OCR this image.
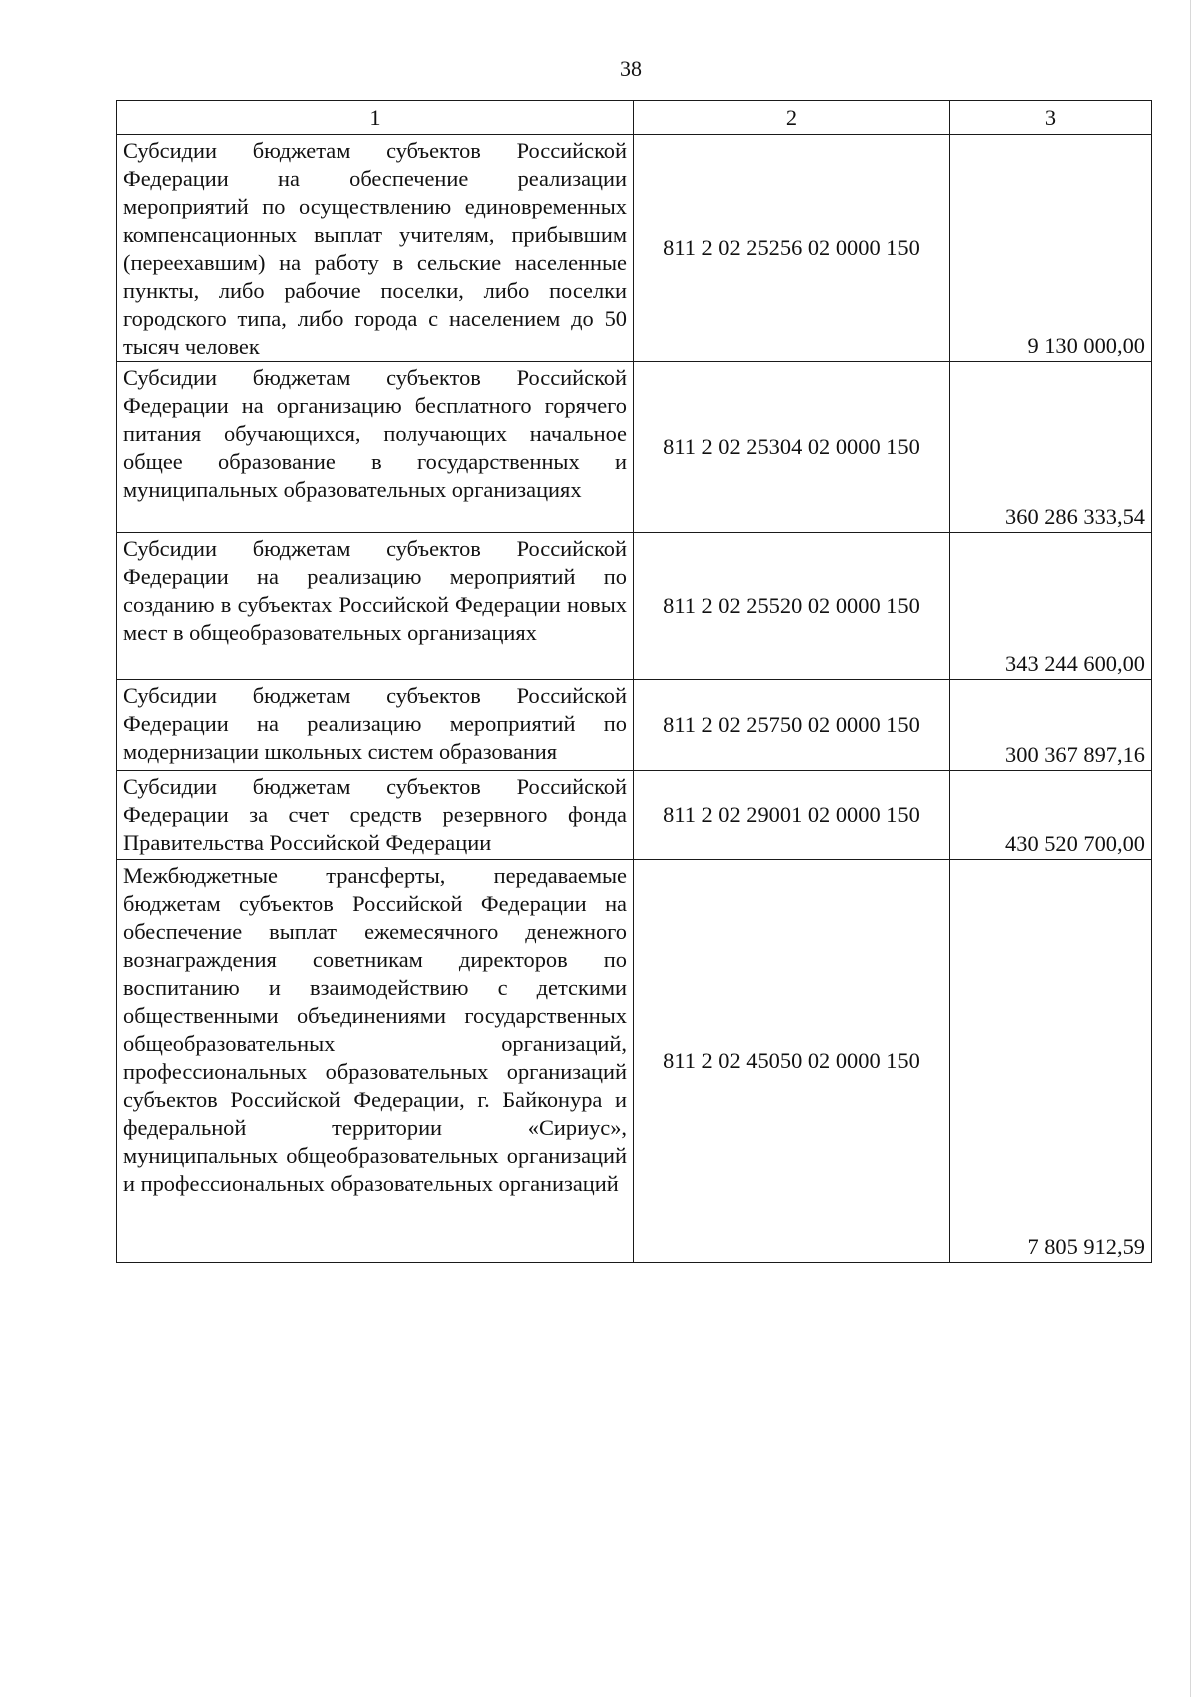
38
1	2	3
Субсидии бюджетам субъектов Российской Федерации на обеспечение реализации мероприятий по осуществлению единовременных компенсационных выплат учителям, прибывшим (переехавшим) на работу в сельские населенные пункты, либо рабочие поселки, либо поселки городского типа, либо города с населением до 50 тысяч человек	811 2 02 25256 02 0000 150	9 130 000,00
Субсидии бюджетам субъектов Российской Федерации на организацию бесплатного горячего питания обучающихся, получающих начальное общее образование в государственных и муниципальных образовательных организациях	811 2 02 25304 02 0000 150	360 286 333,54
Субсидии бюджетам субъектов Российской Федерации на реализацию мероприятий по созданию в субъектах Российской Федерации новых мест в общеобразовательных организациях	811 2 02 25520 02 0000 150	343 244 600,00
Субсидии бюджетам субъектов Российской Федерации на реализацию мероприятий по модернизации школьных систем образования	811 2 02 25750 02 0000 150	300 367 897,16
Субсидии бюджетам субъектов Российской Федерации за счет средств резервного фонда Правительства Российской Федерации	811 2 02 29001 02 0000 150	430 520 700,00
Межбюджетные трансферты, передаваемые бюджетам субъектов Российской Федерации на обеспечение выплат ежемесячного денежного вознаграждения советникам директоров по воспитанию и взаимодействию с детскими общественными объединениями государственных общеобразовательных организаций, профессиональных образовательных организаций субъектов Российской Федерации, г. Байконура и федеральной территории «Сириус», муниципальных общеобразовательных организаций и профессиональных образовательных организаций	811 2 02 45050 02 0000 150	7 805 912,59
